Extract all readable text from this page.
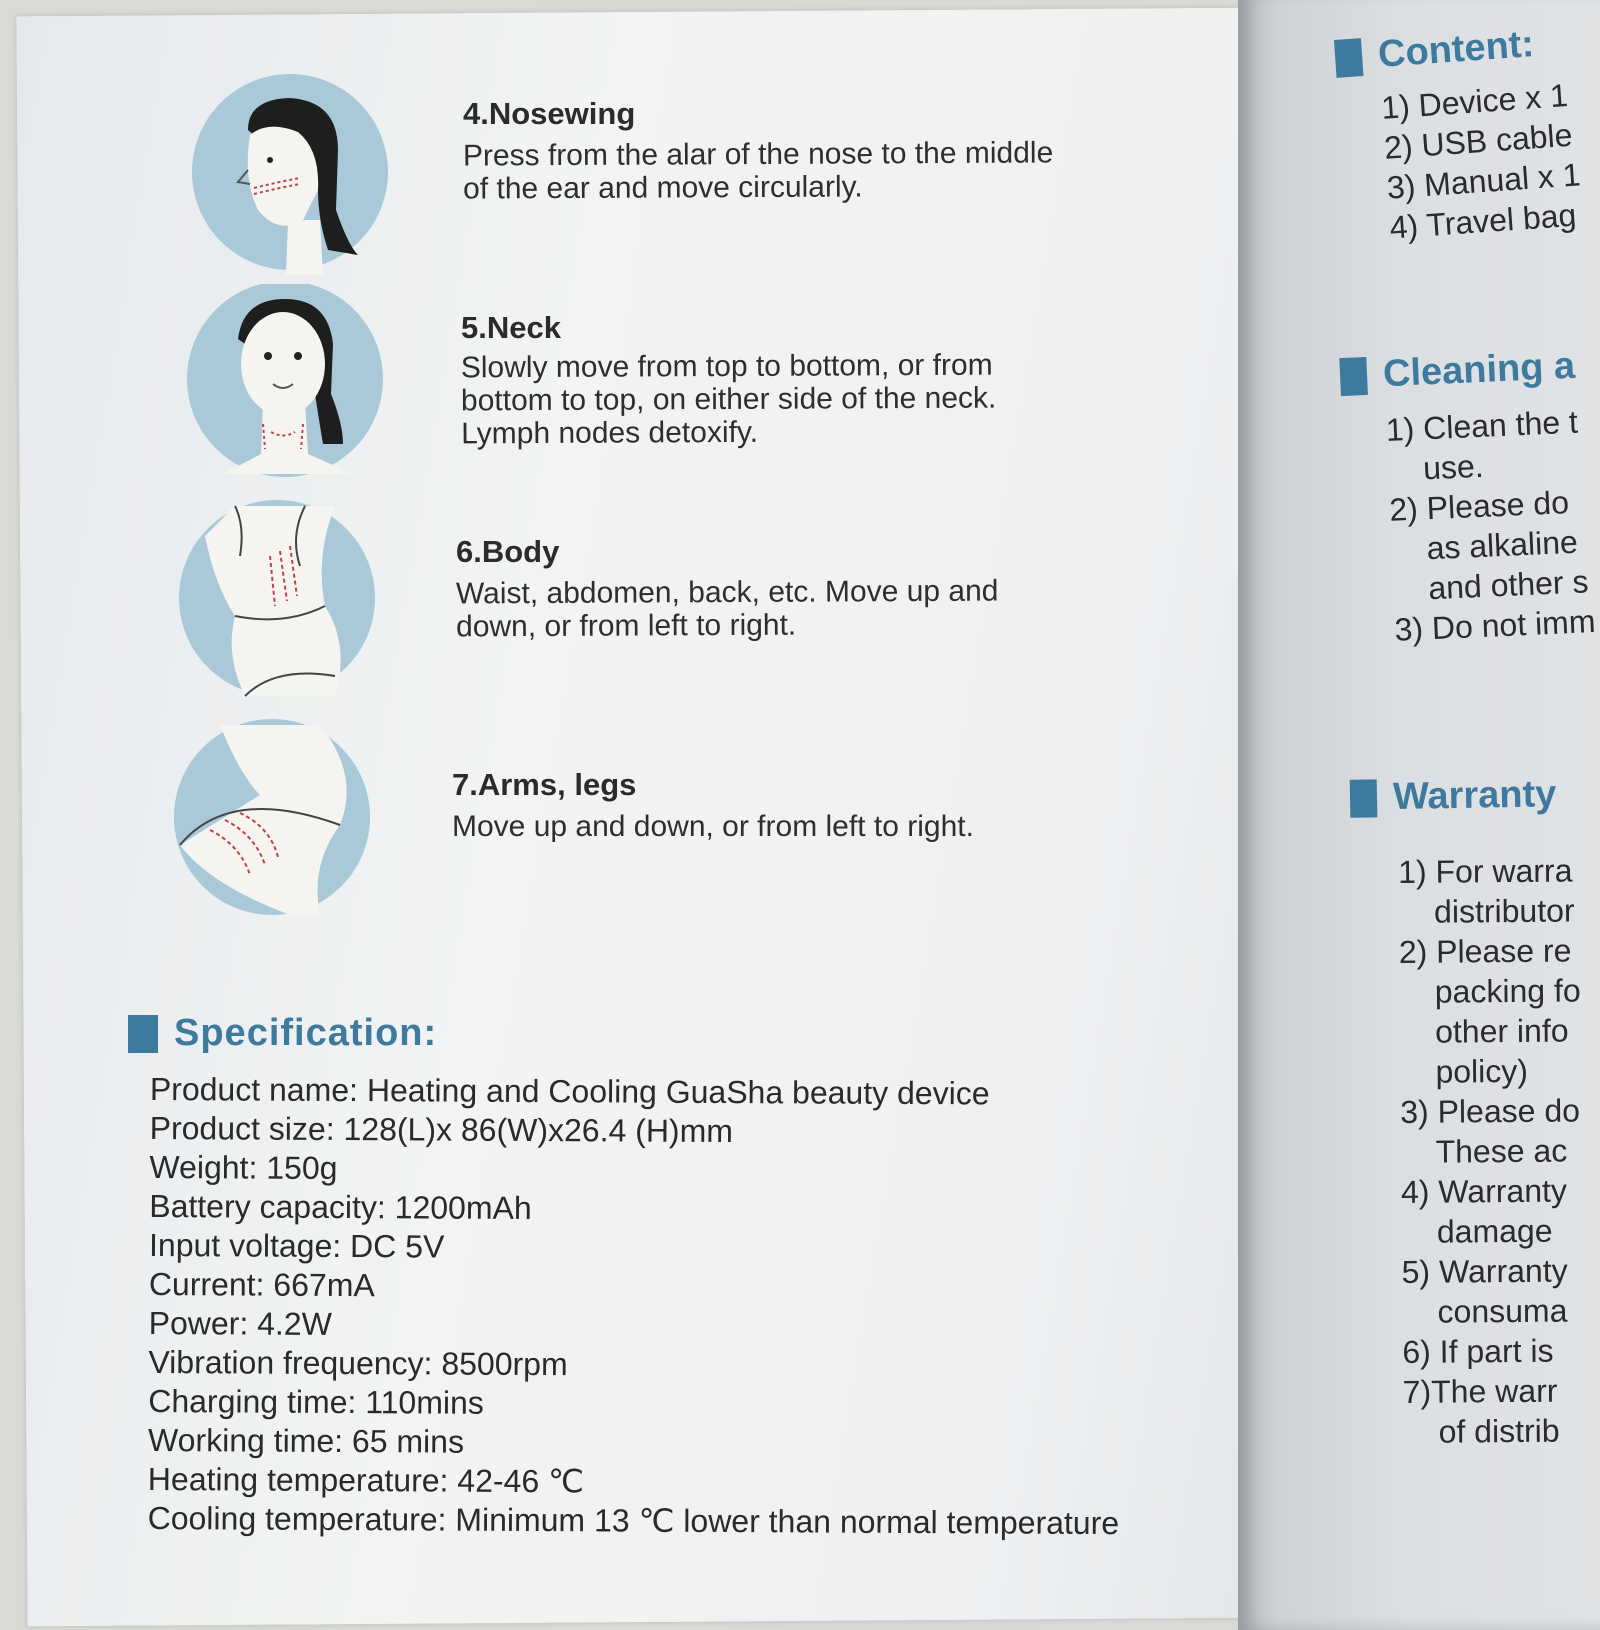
4.Nosewing
Press from the alar of the nose to the middle
of the ear and move circularly.
5.Neck
Slowly move from top to bottom, or from
bottom to top, on either side of the neck.
Lymph nodes detoxify.
6.Body
Waist, abdomen, back, etc. Move up and
down, or from left to right.
7.Arms, legs
Move up and down, or from left to right.
Specification:
Product name: Heating and Cooling GuaSha beauty device
Product size: 128(L)x 86(W)x26.4 (H)mm
Weight: 150g
Battery capacity: 1200mAh
Input voltage: DC 5V
Current: 667mA
Power: 4.2W
Vibration frequency: 8500rpm
Charging time: 110mins
Working time: 65 mins
Heating temperature: 42-46 ℃
Cooling temperature: Minimum 13 ℃ lower than normal temperature
Content:
1) Device x 1
2) USB cable
3) Manual x 1
4) Travel bag
Cleaning a
1) Clean the t
use.
2) Please do
as alkaline
and other s
3) Do not imm
Warranty
1) For warra
distributor
2) Please re
packing fo
other info
policy)
3) Please do
These ac
4) Warranty
damage
5) Warranty
consuma
6) If part is
7)The warr
of distrib
